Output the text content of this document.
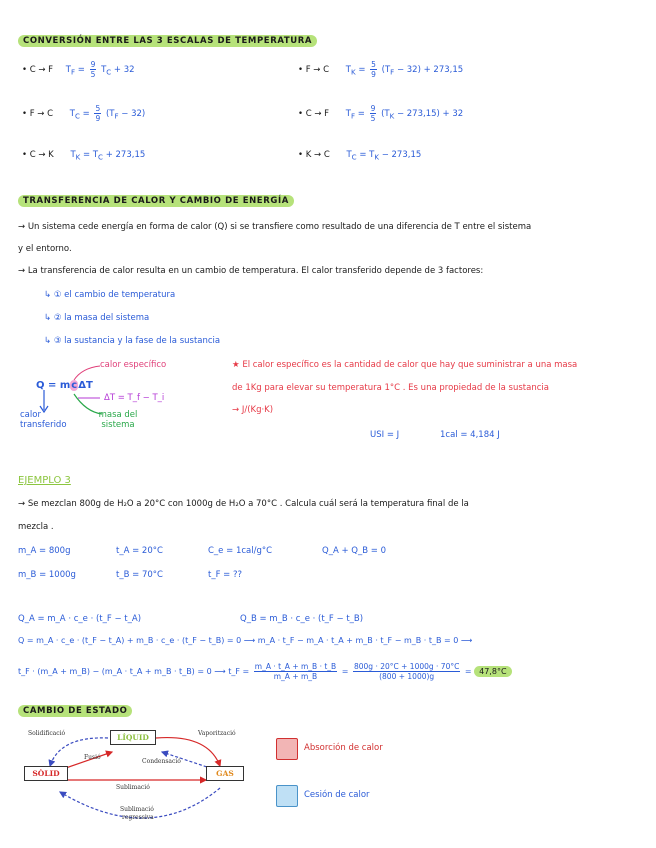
CONVERSIÓN ENTRE LAS 3 ESCALAS DE TEMPERATURA
• C → F $T_F = \frac{9}{5} T_C + 32$	• F → C $T_K = \frac{5}{9} (T_F - 32) + 273,15$
• F → C $T_C = \frac{5}{9} (T_F - 32)$	• C → F $T_F = \frac{9}{5} (T_K - 273,15) + 32$
• C → K $T_K = T_C + 273,15$	• K → C $T_C = T_K - 273,15$
TRANSFERENCIA DE CALOR Y CAMBIO DE ENERGÍA
→ Un sistema cede energía en forma de calor (Q) si se transfiere como resultado de una diferencia de T entre el sistema
y el entorno.
→ La transferencia de calor resulta en un cambio de temperatura. El calor transferido depende de 3 factores:
↳ ① el cambio de temperatura
↳ ② la masa del sistema
↳ ③ la sustancia y la fase de la sustancia
Q = mcΔT
calor específico
ΔT = T_f − T_i
calor transferido
masa del sistema
★ El calor específico es la cantidad de calor que hay que suministrar a una masa
de 1Kg para elevar su temperatura 1°C . Es una propiedad de la sustancia
→ J/(Kg·K)
USI = J	1cal = 4,184 J
EJEMPLO 3
→ Se mezclan 800g de H₂O a 20°C con 1000g de H₂O a 70°C . Calcula cuál será la temperatura final de la
mezcla .
m_A = 800g	t_A = 20°C	C_e = 1cal/g°C	Q_A + Q_B = 0
m_B = 1000g	t_B = 70°C	t_F = ??
Q_A = m_A · c_e · (t_F − t_A)	Q_B = m_B · c_e · (t_F − t_B)
Q = m_A · c_e · (t_F − t_A) + m_B · c_e · (t_F − t_B) = 0 ⟶ m_A · t_F − m_A · t_A + m_B · t_F − m_B · t_B = 0 ⟶
t_F · (m_A + m_B) − (m_A · t_A + m_B · t_B) = 0 ⟶ t_F = $\frac{m\_A \cdot t\_A + m\_B \cdot t\_B}{m\_A + m\_B} = \frac{800g \cdot 20^\circ C + 1000g \cdot 70^\circ C}{(800 + 1000)g} = 47,8^\circ C$
CAMBIO DE ESTADO
LÍQUID
SÒLID	GAS
Solidificació	Vaporització
Fusió
Condensació
Sublimació
Sublimació
regressiva
Absorción de calor
Cesión de calor
